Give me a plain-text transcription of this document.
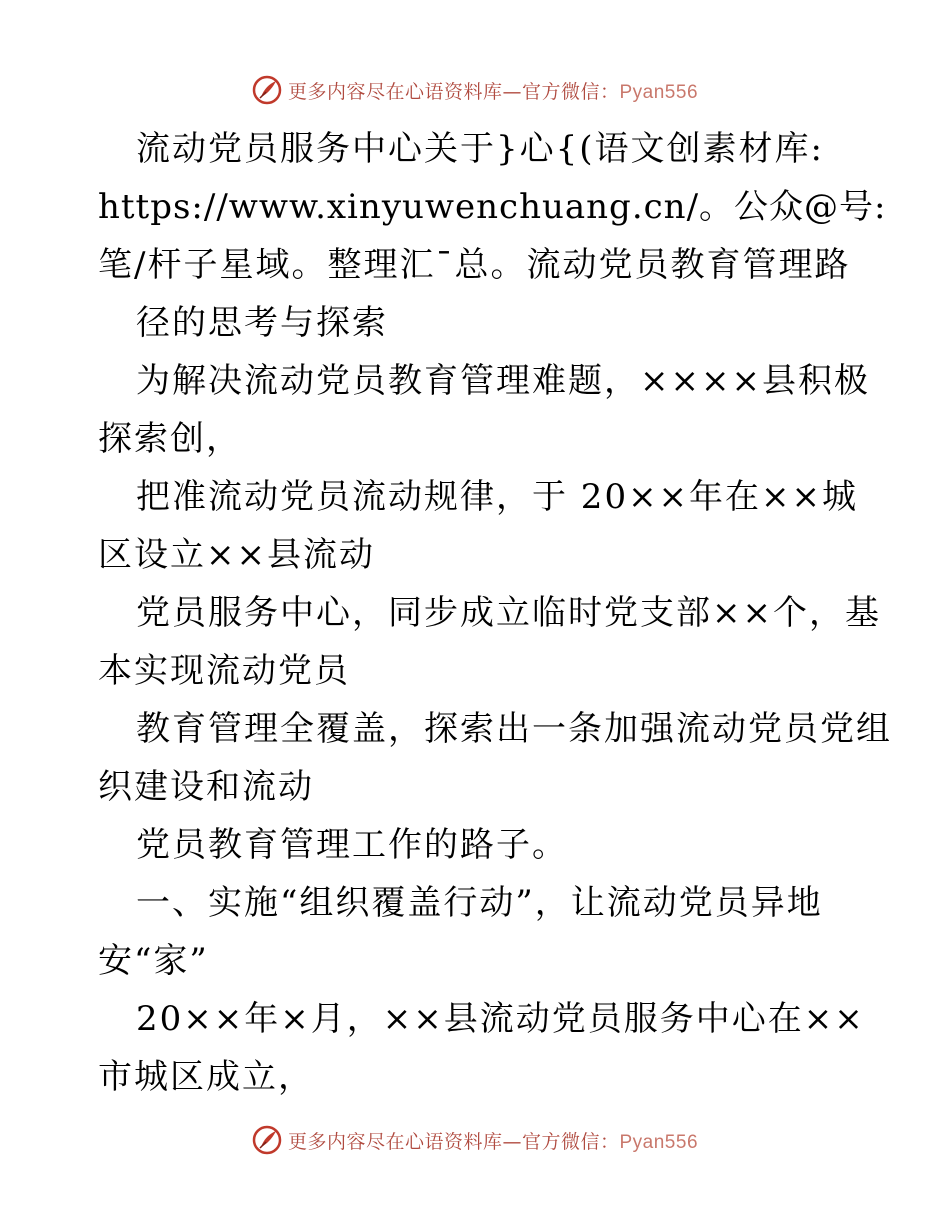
更多内容尽在心语资料库—官方微信：Pyan556
流动党员服务中心关于}心{(语文创素材库:
https://www.xinyuwenchuang.cn/。公众@号:
笔/杆子星域。整理汇¯总。流动党员教育管理路
径的思考与探索
为解决流动党员教育管理难题，××××县积极
探索创，
把准流动党员流动规律，于 20××年在××城
区设立××县流动
党员服务中心，同步成立临时党支部××个，基
本实现流动党员
教育管理全覆盖，探索出一条加强流动党员党组
织建设和流动
党员教育管理工作的路子。
一、实施“组织覆盖行动”，让流动党员异地
安“家”
20××年×月，××县流动党员服务中心在××
市城区成立，
更多内容尽在心语资料库—官方微信：Pyan556
